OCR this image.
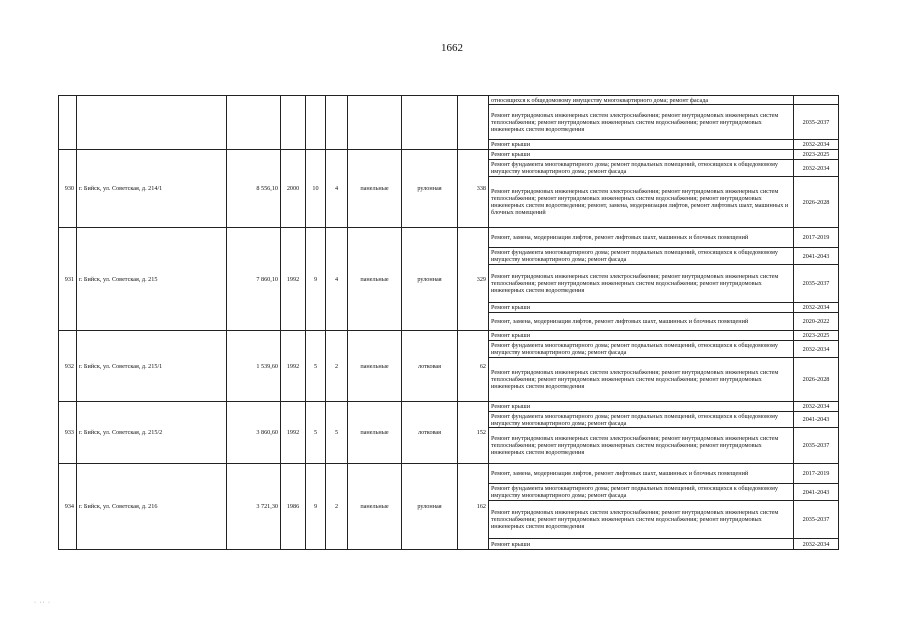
1662
									относящихся к общедомовому имуществу многоквартирного дома; ремонт фасада	
									Ремонт внутридомовых инженерных систем электроснабжения; ремонт внутридомовых инженерных систем теплоснабжения; ремонт внутридомовых инженерных систем водоснабжения; ремонт внутридомовых инженерных систем водоотведения	2035-2037
									Ремонт крыши	2032-2034
930	г. Бийск, ул. Советская, д. 214/1	8 556,10	2000	10	4	панельные	рулонная	338	Ремонт крыши	2023-2025
									Ремонт фундамента многоквартирного дома; ремонт подвальных помещений, относящихся к общедомовому имуществу многоквартирного дома; ремонт фасада	2032-2034
									Ремонт внутридомовых инженерных систем электроснабжения; ремонт внутридомовых инженерных систем теплоснабжения; ремонт внутридомовых инженерных систем водоснабжения; ремонт внутридомовых инженерных систем водоотведения; ремонт, замена, модернизация лифтов, ремонт лифтовых шахт, машинных и блочных помещений	2026-2028
931	г. Бийск, ул. Советская, д. 215	7 860,10	1992	9	4	панельные	рулонная	329	Ремонт, замена, модернизация лифтов, ремонт лифтовых шахт, машинных и блочных помещений	2017-2019
									Ремонт фундамента многоквартирного дома; ремонт подвальных помещений, относящихся к общедомовому имуществу многоквартирного дома; ремонт фасада	2041-2043
									Ремонт внутридомовых инженерных систем электроснабжения; ремонт внутридомовых инженерных систем теплоснабжения; ремонт внутридомовых инженерных систем водоснабжения; ремонт внутридомовых инженерных систем водоотведения	2035-2037
									Ремонт крыши	2032-2034
									Ремонт, замена, модернизация лифтов, ремонт лифтовых шахт, машинных и блочных помещений	2020-2022
932	г. Бийск, ул. Советская, д. 215/1	1 539,60	1992	5	2	панельные	лотковая	62	Ремонт крыши	2023-2025
									Ремонт фундамента многоквартирного дома; ремонт подвальных помещений, относящихся к общедомовому имуществу многоквартирного дома; ремонт фасада	2032-2034
									Ремонт внутридомовых инженерных систем электроснабжения; ремонт внутридомовых инженерных систем теплоснабжения; ремонт внутридомовых инженерных систем водоснабжения; ремонт внутридомовых инженерных систем водоотведения	2026-2028
933	г. Бийск, ул. Советская, д. 215/2	3 860,60	1992	5	5	панельные	лотковая	152	Ремонт крыши	2032-2034
									Ремонт фундамента многоквартирного дома; ремонт подвальных помещений, относящихся к общедомовому имуществу многоквартирного дома; ремонт фасада	2041-2043
									Ремонт внутридомовых инженерных систем электроснабжения; ремонт внутридомовых инженерных систем теплоснабжения; ремонт внутридомовых инженерных систем водоснабжения; ремонт внутридомовых инженерных систем водоотведения	2035-2037
934	г. Бийск, ул. Советская, д. 216	3 721,30	1986	9	2	панельные	рулонная	162	Ремонт, замена, модернизация лифтов, ремонт лифтовых шахт, машинных и блочных помещений	2017-2019
									Ремонт фундамента многоквартирного дома; ремонт подвальных помещений, относящихся к общедомовому имуществу многоквартирного дома; ремонт фасада	2041-2043
									Ремонт внутридомовых инженерных систем электроснабжения; ремонт внутридомовых инженерных систем теплоснабжения; ремонт внутридомовых инженерных систем водоснабжения; ремонт внутридомовых инженерных систем водоотведения	2035-2037
									Ремонт крыши	2032-2034
· ·· ·
